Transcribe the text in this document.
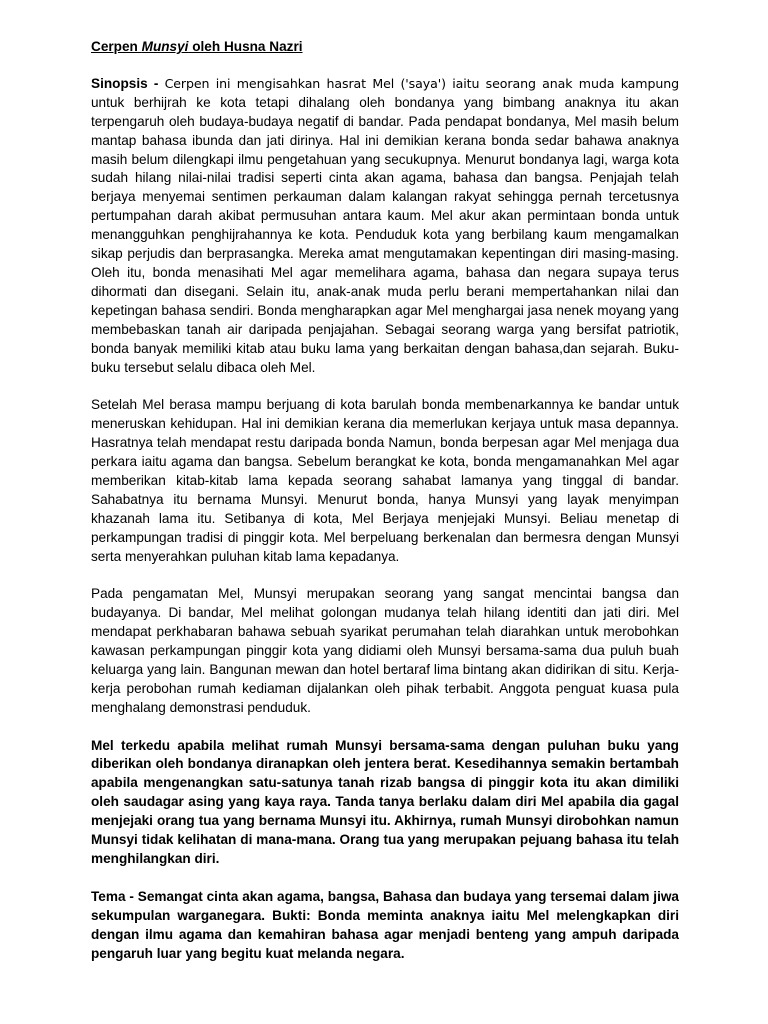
Cerpen Munsyi oleh Husna Nazri

Sinopsis - Cerpen ini mengisahkan hasrat Mel ('saya') iaitu seorang anak muda kampung untuk berhijrah ke kota tetapi dihalang oleh bondanya yang bimbang anaknya itu akan terpengaruh oleh budaya-budaya negatif di bandar. Pada pendapat bondanya, Mel masih belum mantap bahasa ibunda dan jati dirinya. Hal ini demikian kerana bonda sedar bahawa anaknya masih belum dilengkapi ilmu pengetahuan yang secukupnya. Menurut bondanya lagi, warga kota sudah hilang nilai-nilai tradisi seperti cinta akan agama, bahasa dan bangsa. Penjajah telah berjaya menyemai sentimen perkauman dalam kalangan rakyat sehingga pernah tercetusnya pertumpahan darah akibat permusuhan antara kaum. Mel akur akan permintaan bonda untuk menangguhkan penghijrahannya ke kota. Penduduk kota yang berbilang kaum mengamalkan sikap perjudis dan berprasangka. Mereka amat mengutamakan kepentingan diri masing-masing. Oleh itu, bonda menasihati Mel agar memelihara agama, bahasa dan negara supaya terus dihormati dan disegani. Selain itu, anak-anak muda perlu berani mempertahankan nilai dan kepetingan bahasa sendiri. Bonda mengharapkan agar Mel menghargai jasa nenek moyang yang membebaskan tanah air daripada penjajahan. Sebagai seorang warga yang bersifat patriotik, bonda banyak memiliki kitab atau buku lama yang berkaitan dengan bahasa,dan sejarah. Buku-buku tersebut selalu dibaca oleh Mel.

Setelah Mel berasa mampu berjuang di kota barulah bonda membenarkannya ke bandar untuk meneruskan kehidupan. Hal ini demikian kerana dia memerlukan kerjaya untuk masa depannya. Hasratnya telah mendapat restu daripada bonda Namun, bonda berpesan agar Mel menjaga dua perkara iaitu agama dan bangsa. Sebelum berangkat ke kota, bonda mengamanahkan Mel agar memberikan kitab-kitab lama kepada seorang sahabat lamanya yang tinggal di bandar. Sahabatnya itu bernama Munsyi. Menurut bonda, hanya Munsyi yang layak menyimpan khazanah lama itu. Setibanya di kota, Mel Berjaya menjejaki Munsyi. Beliau menetap di perkampungan tradisi di pinggir kota. Mel berpeluang berkenalan dan bermesra dengan Munsyi serta menyerahkan puluhan kitab lama kepadanya.

Pada pengamatan Mel, Munsyi merupakan seorang yang sangat mencintai bangsa dan budayanya. Di bandar, Mel melihat golongan mudanya telah hilang identiti dan jati diri. Mel mendapat perkhabaran bahawa sebuah syarikat perumahan telah diarahkan untuk merobohkan kawasan perkampungan pinggir kota yang didiami oleh Munsyi bersama-sama dua puluh buah keluarga yang lain. Bangunan mewan dan hotel bertaraf lima bintang akan didirikan di situ. Kerja-kerja perobohan rumah kediaman dijalankan oleh pihak terbabit. Anggota penguat kuasa pula menghalang demonstrasi penduduk.

Mel terkedu apabila melihat rumah Munsyi bersama-sama dengan puluhan buku yang diberikan oleh bondanya diranapkan oleh jentera berat. Kesedihannya semakin bertambah apabila mengenangkan satu-satunya tanah rizab bangsa di pinggir kota itu akan dimiliki oleh saudagar asing yang kaya raya. Tanda tanya berlaku dalam diri Mel apabila dia gagal menjejaki orang tua yang bernama Munsyi itu. Akhirnya, rumah Munsyi dirobohkan namun Munsyi tidak kelihatan di mana-mana. Orang tua yang merupakan pejuang bahasa itu telah menghilangkan diri.

Tema - Semangat cinta akan agama, bangsa, Bahasa dan budaya yang tersemai dalam jiwa sekumpulan warganegara. Bukti: Bonda meminta anaknya iaitu Mel melengkapkan diri dengan ilmu agama dan kemahiran bahasa agar menjadi benteng yang ampuh daripada pengaruh luar yang begitu kuat melanda negara.
